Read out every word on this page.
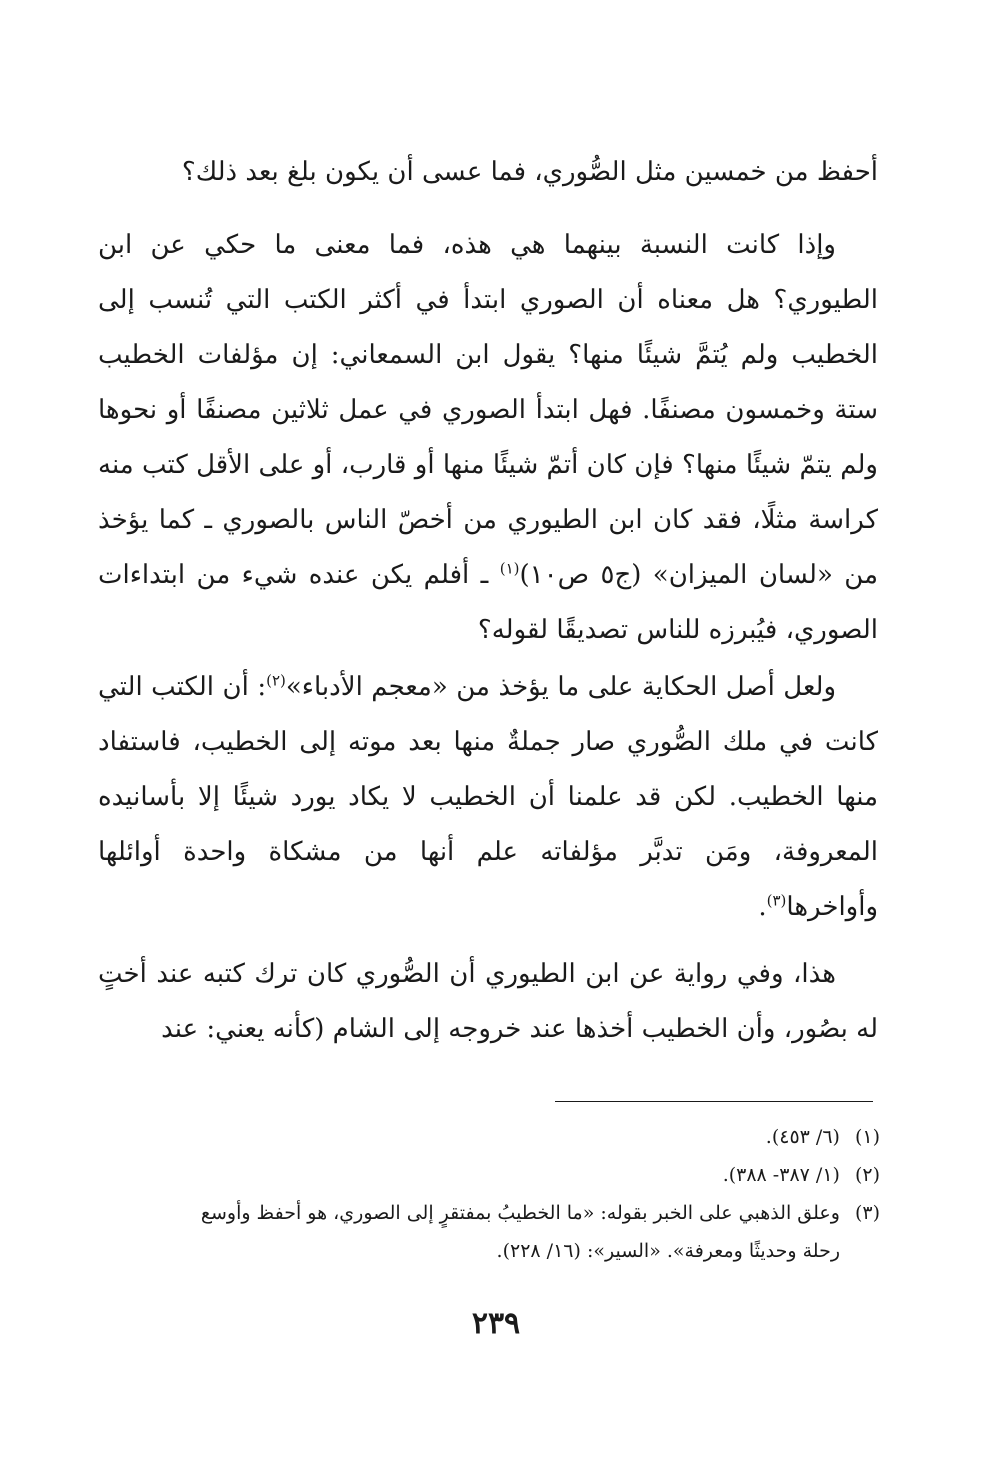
أحفظ من خمسين مثل الصُّوري، فما عسى أن يكون بلغ بعد ذلك؟

وإذا كانت النسبة بينهما هي هذه، فما معنى ما حكي عن ابن الطيوري؟ هل معناه أن الصوري ابتدأ في أكثر الكتب التي تُنسب إلى الخطيب ولم يُتمَّ شيئًا منها؟ يقول ابن السمعاني: إن مؤلفات الخطيب ستة وخمسون مصنفًا. فهل ابتدأ الصوري في عمل ثلاثين مصنفًا أو نحوها ولم يتمّ شيئًا منها؟ فإن كان أتمّ شيئًا منها أو قارب، أو على الأقل كتب منه كراسة مثلًا، فقد كان ابن الطيوري من أخصّ الناس بالصوري ـ كما يؤخذ من «لسان الميزان» (ج٥ ص١٠)$^{(١)}$ ـ أفلم يكن عنده شيء من ابتداءات الصوري، فيُبرزه للناس تصديقًا لقوله؟

ولعل أصل الحكاية على ما يؤخذ من «معجم الأدباء»$^{(٢)}$: أن الكتب التي كانت في ملك الصُّوري صار جملةٌ منها بعد موته إلى الخطيب، فاستفاد منها الخطيب. لكن قد علمنا أن الخطيب لا يكاد يورد شيئًا إلا بأسانيده المعروفة، ومَن تدبَّر مؤلفاته علم أنها من مشكاة واحدة أوائلها وأواخرها$^{(٣)}$.

هذا، وفي رواية عن ابن الطيوري أن الصُّوري كان ترك كتبه عند أختٍ له بصُور، وأن الخطيب أخذها عند خروجه إلى الشام (كأنه يعني: عند

(١) (٦/ ٤٥٣).

(٢) (١/ ٣٨٧- ٣٨٨).

(٣) وعلق الذهبي على الخبر بقوله: «ما الخطيبُ بمفتقرٍ إلى الصوري، هو أحفظ وأوسع

رحلة وحديثًا ومعرفة». «السير»: (١٦/ ٢٢٨).

٢٣٩
